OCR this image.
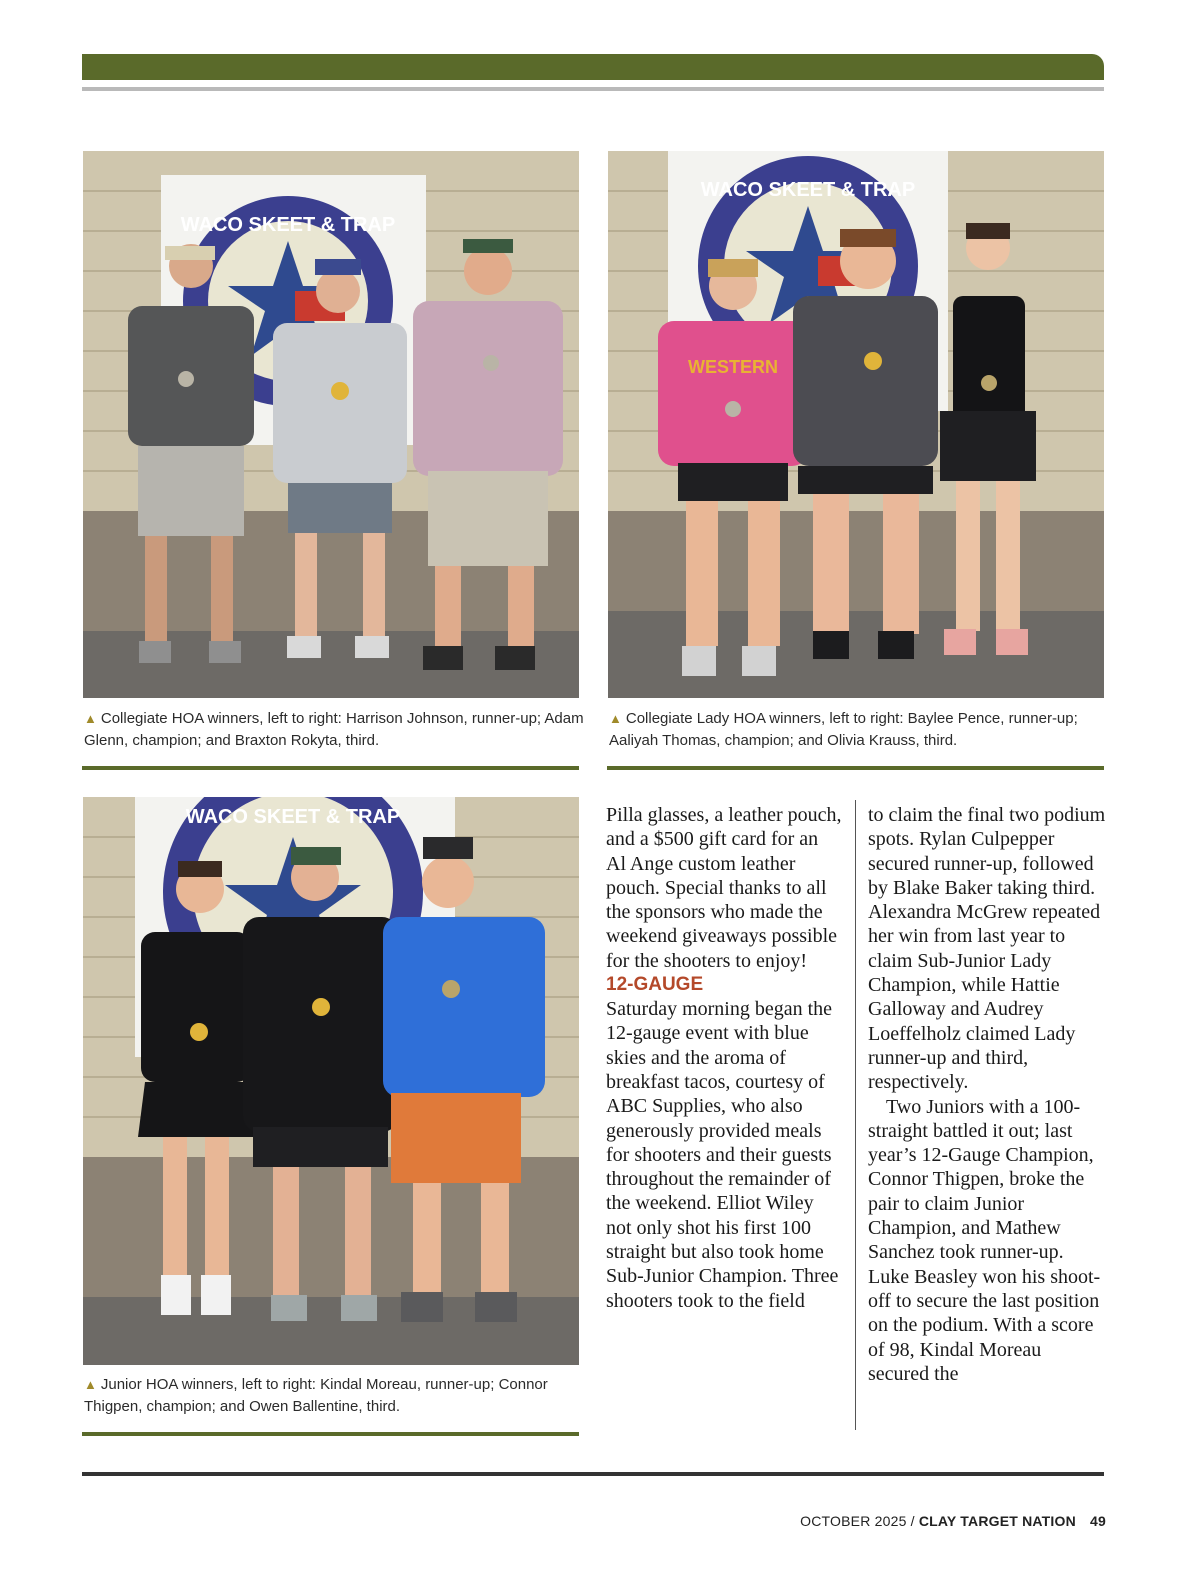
WACO SKEET & TRAP
▲ Collegiate HOA winners, left to right: Harrison Johnson, runner-up; Adam Glenn, champion; and Braxton Rokyta, third.
WACO SKEET & TRAP
WESTERN
▲ Collegiate Lady HOA winners, left to right: Baylee Pence, runner-up; Aaliyah Thomas, champion; and Olivia Krauss, third.
WACO SKEET & TRAP
▲ Junior HOA winners, left to right: Kindal Moreau, runner-up; Connor Thigpen, champion; and Owen Ballentine, third.

Pilla glasses, a leather pouch, and a $500 gift card for an Al Ange custom leather pouch. Special thanks to all the sponsors who made the weekend giveaways possible for the shooters to enjoy!

12-GAUGE

Saturday morning began the 12-gauge event with blue skies and the aroma of breakfast tacos, courtesy of ABC Supplies, who also generously provided meals for shooters and their guests throughout the remainder of the weekend. Elliot Wiley not only shot his first 100 straight but also took home Sub-Junior Champion. Three shooters took to the field

to claim the final two podium spots. Rylan Culpepper secured runner-up, followed by Blake Baker taking third. Alexandra McGrew repeated her win from last year to claim Sub-Junior Lady Champion, while Hattie Galloway and Audrey Loeffelholz claimed Lady runner-up and third, respectively.

Two Juniors with a 100-straight battled it out; last year’s 12-Gauge Champion, Connor Thigpen, broke the pair to claim Junior Champion, and Mathew Sanchez took runner-up. Luke Beasley won his shoot-off to secure the last position on the podium. With a score of 98, Kindal Moreau secured the

OCTOBER 2025 / CLAY TARGET NATION 49
